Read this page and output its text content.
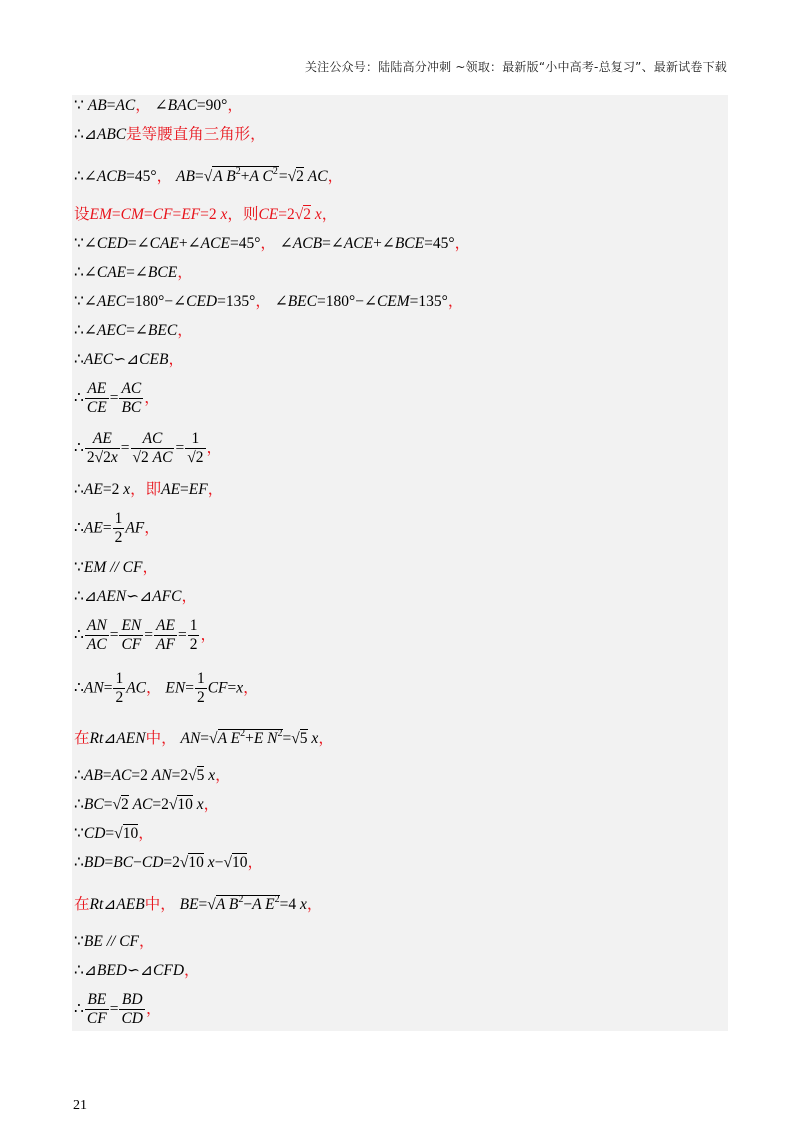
关注公众号：陆陆高分冲刺 ~领取：最新版“小中高考-总复习”、最新试卷下载
∵ AB=AC， ∠BAC=90°，
∴⊿ABC是等腰直角三角形，
∴∠ACB=45°， AB=√A $B^2+A$ $C^2=√2$ AC，
设EM=CM=CF=EF=2 x，则CE=2√2 x，
∵∠CED=∠CAE+∠ACE=45°， ∠ACB=∠ACE+∠BCE=45°，
∴∠CAE=∠BCE，
∵∠AEC=180°−∠CED=135°， ∠BEC=180°−∠CEM=135°，
∴∠AEC=∠BEC，
∴AEC∽⊿CEB，
∴ $\frac{AE}{CE} = \frac{AC}{BC}$ ，
∴ $\frac{AE}{2√2x} = \frac{AC}{√2 AC} = \frac{1}{√2}$ ，
∴AE=2 x，即AE=EF，
∴AE= $\frac{1}{2}$ AF，
∵EM // CF，
∴⊿AEN∽⊿AFC，
∴ $\frac{AN}{AC} = \frac{EN}{CF} = \frac{AE}{AF} = \frac{1}{2}$ ，
∴AN= $\frac{1}{2}$ AC， $EN= \frac{1}{2} CF=x$，
在Rt⊿AEN中， AN=√A $E^2+E$ $N^2=√5$ x，
∴AB=AC=2 AN=2√5 x，
∴BC=√2 AC=2√10 x，
∵CD=√10，
∴BD=BC−CD=2√10 x−√10，
在Rt⊿AEB中， BE=√A $B^2-A$ $E^2=4$ x，
∵BE // CF，
∴⊿BED∽⊿CFD，
∴ $\frac{BE}{CF} = \frac{BD}{CD}$ ，
21
